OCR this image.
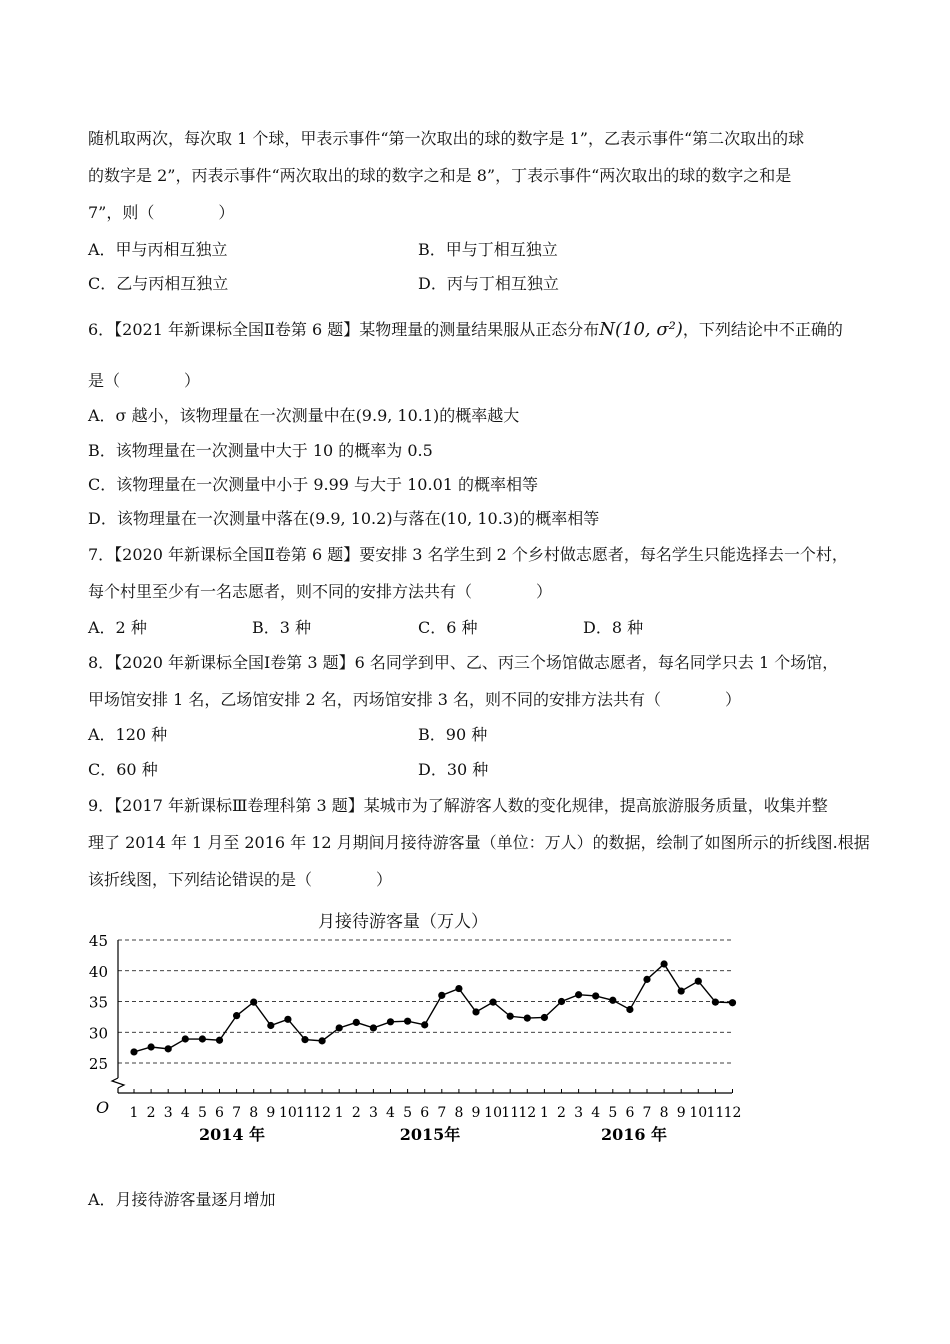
随机取两次，每次取 1 个球，甲表示事件“第一次取出的球的数字是 1”，乙表示事件“第二次取出的球
的数字是 2”，丙表示事件“两次取出的球的数字之和是 8”，丁表示事件“两次取出的球的数字之和是
7”，则（　　　　）
A．甲与丙相互独立	B．甲与丁相互独立
C．乙与丙相互独立	D．丙与丁相互独立
6．【2021 年新课标全国Ⅱ卷第 6 题】某物理量的测量结果服从正态分布N(10, σ²)，下列结论中不正确的
是（　　　　）
A．σ 越小，该物理量在一次测量中在(9.9, 10.1)的概率越大
B．该物理量在一次测量中大于 10 的概率为 0.5
C．该物理量在一次测量中小于 9.99 与大于 10.01 的概率相等
D．该物理量在一次测量中落在(9.9, 10.2)与落在(10, 10.3)的概率相等
7．【2020 年新课标全国Ⅱ卷第 6 题】要安排 3 名学生到 2 个乡村做志愿者，每名学生只能选择去一个村，
每个村里至少有一名志愿者，则不同的安排方法共有（　　　　）
A．2 种	B．3 种	C．6 种	D．8 种
8．【2020 年新课标全国Ⅰ卷第 3 题】6 名同学到甲、乙、丙三个场馆做志愿者，每名同学只去 1 个场馆，
甲场馆安排 1 名，乙场馆安排 2 名，丙场馆安排 3 名，则不同的安排方法共有（　　　　）
A．120 种	B．90 种
C．60 种	D．30 种
9．【2017 年新课标Ⅲ卷理科第 3 题】某城市为了解游客人数的变化规律，提高旅游服务质量，收集并整
理了 2014 年 1 月至 2016 年 12 月期间月接待游客量（单位：万人）的数据，绘制了如图所示的折线图.根据
该折线图，下列结论错误的是（　　　　）
月接待游客量（万人）
25
30
35
40
45
O 1 2 3 4 5 6 7 8 9 10 11 12 1 2 3 4 5 6 7 8 9 10 11 12 1 2 3 4 5 6 7 8 9 10 11 12
2014 年	2015年	2016 年
A．月接待游客量逐月增加
